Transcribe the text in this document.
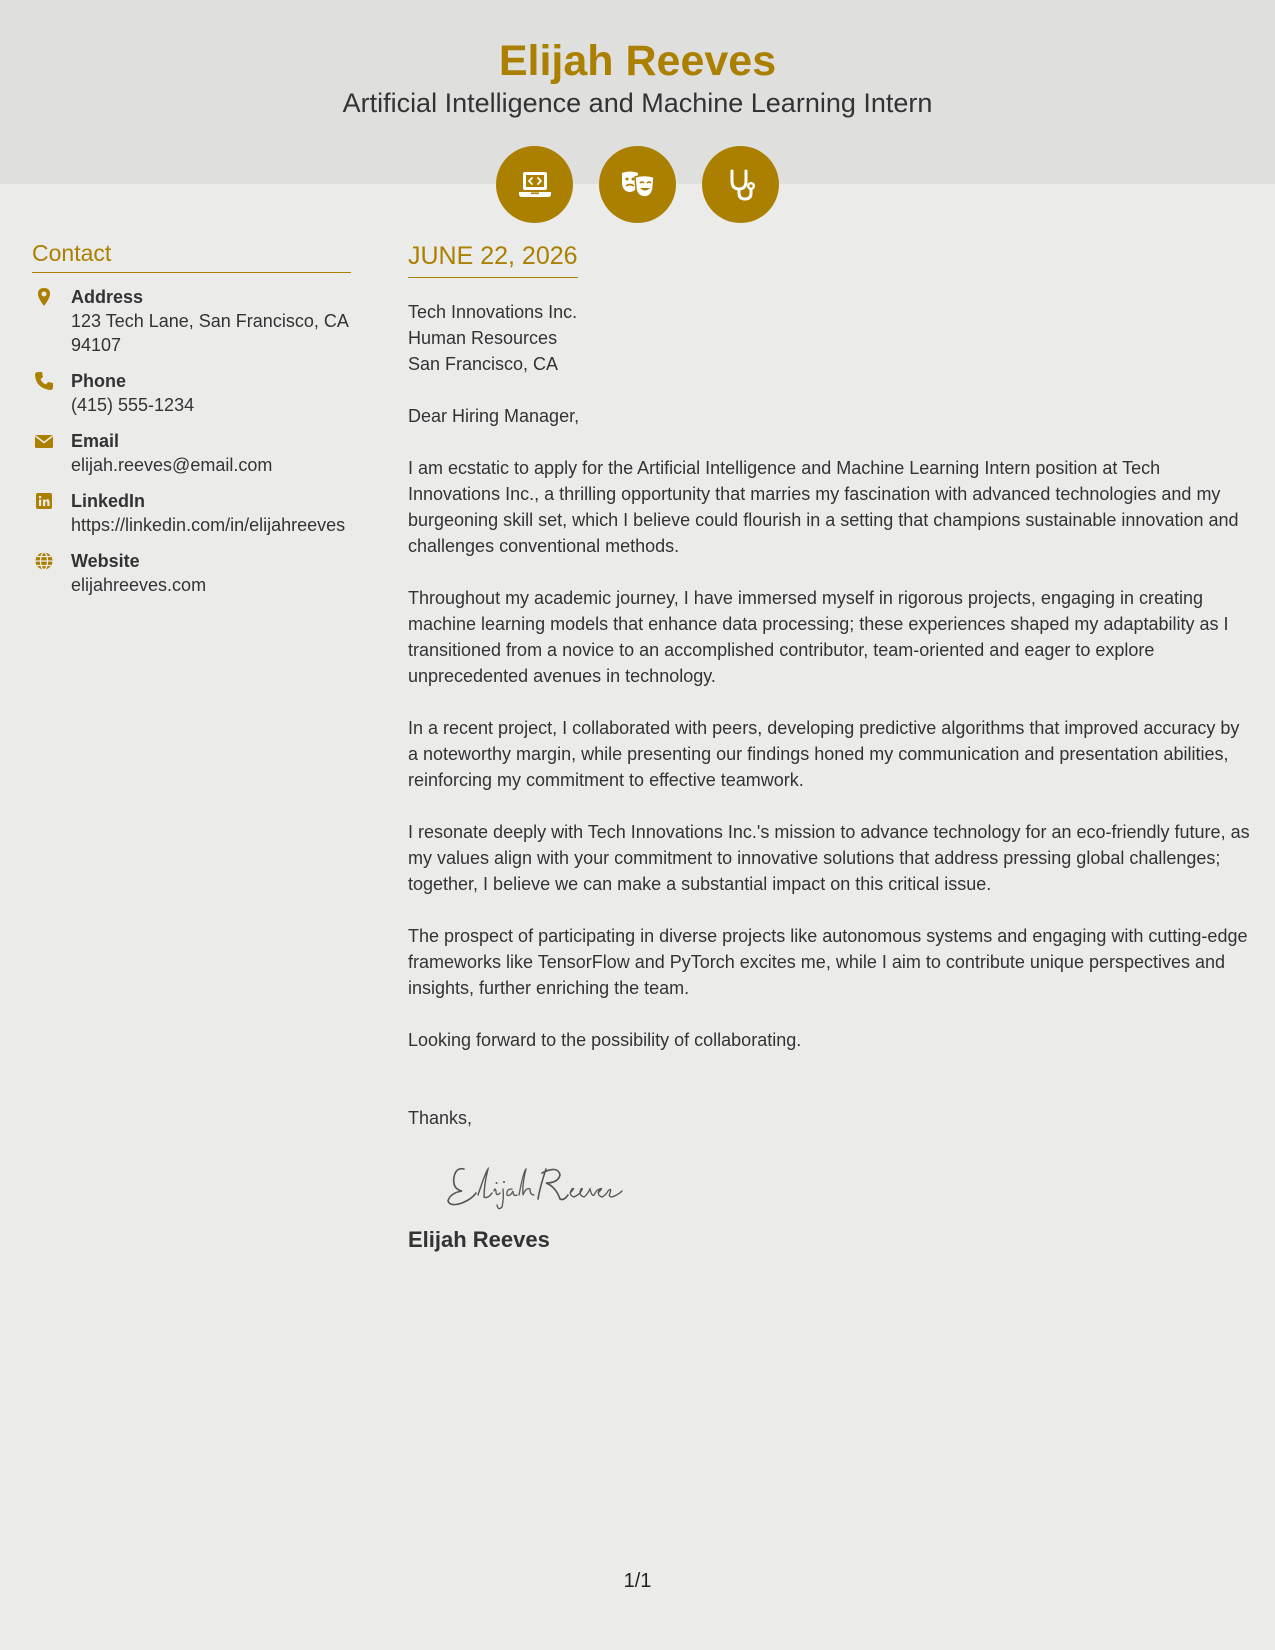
Elijah Reeves
Artificial Intelligence and Machine Learning Intern
Contact
Address
123 Tech Lane, San Francisco, CA 94107
Phone
(415) 555-1234
Email
elijah.reeves@email.com
LinkedIn
https://linkedin.com/in/elijahreeves
Website
elijahreeves.com
JUNE 22, 2026
Tech Innovations Inc.
Human Resources
San Francisco, CA
Dear Hiring Manager,
I am ecstatic to apply for the Artificial Intelligence and Machine Learning Intern position at Tech Innovations Inc., a thrilling opportunity that marries my fascination with advanced technologies and my burgeoning skill set, which I believe could flourish in a setting that champions sustainable innovation and challenges conventional methods.
Throughout my academic journey, I have immersed myself in rigorous projects, engaging in creating machine learning models that enhance data processing; these experiences shaped my adaptability as I transitioned from a novice to an accomplished contributor, team-oriented and eager to explore unprecedented avenues in technology.
In a recent project, I collaborated with peers, developing predictive algorithms that improved accuracy by a noteworthy margin, while presenting our findings honed my communication and presentation abilities, reinforcing my commitment to effective teamwork.
I resonate deeply with Tech Innovations Inc.'s mission to advance technology for an eco-friendly future, as my values align with your commitment to innovative solutions that address pressing global challenges; together, I believe we can make a substantial impact on this critical issue.
The prospect of participating in diverse projects like autonomous systems and engaging with cutting-edge frameworks like TensorFlow and PyTorch excites me, while I aim to contribute unique perspectives and insights, further enriching the team.
Looking forward to the possibility of collaborating.
Thanks,
Elijah Reeves
1/1
